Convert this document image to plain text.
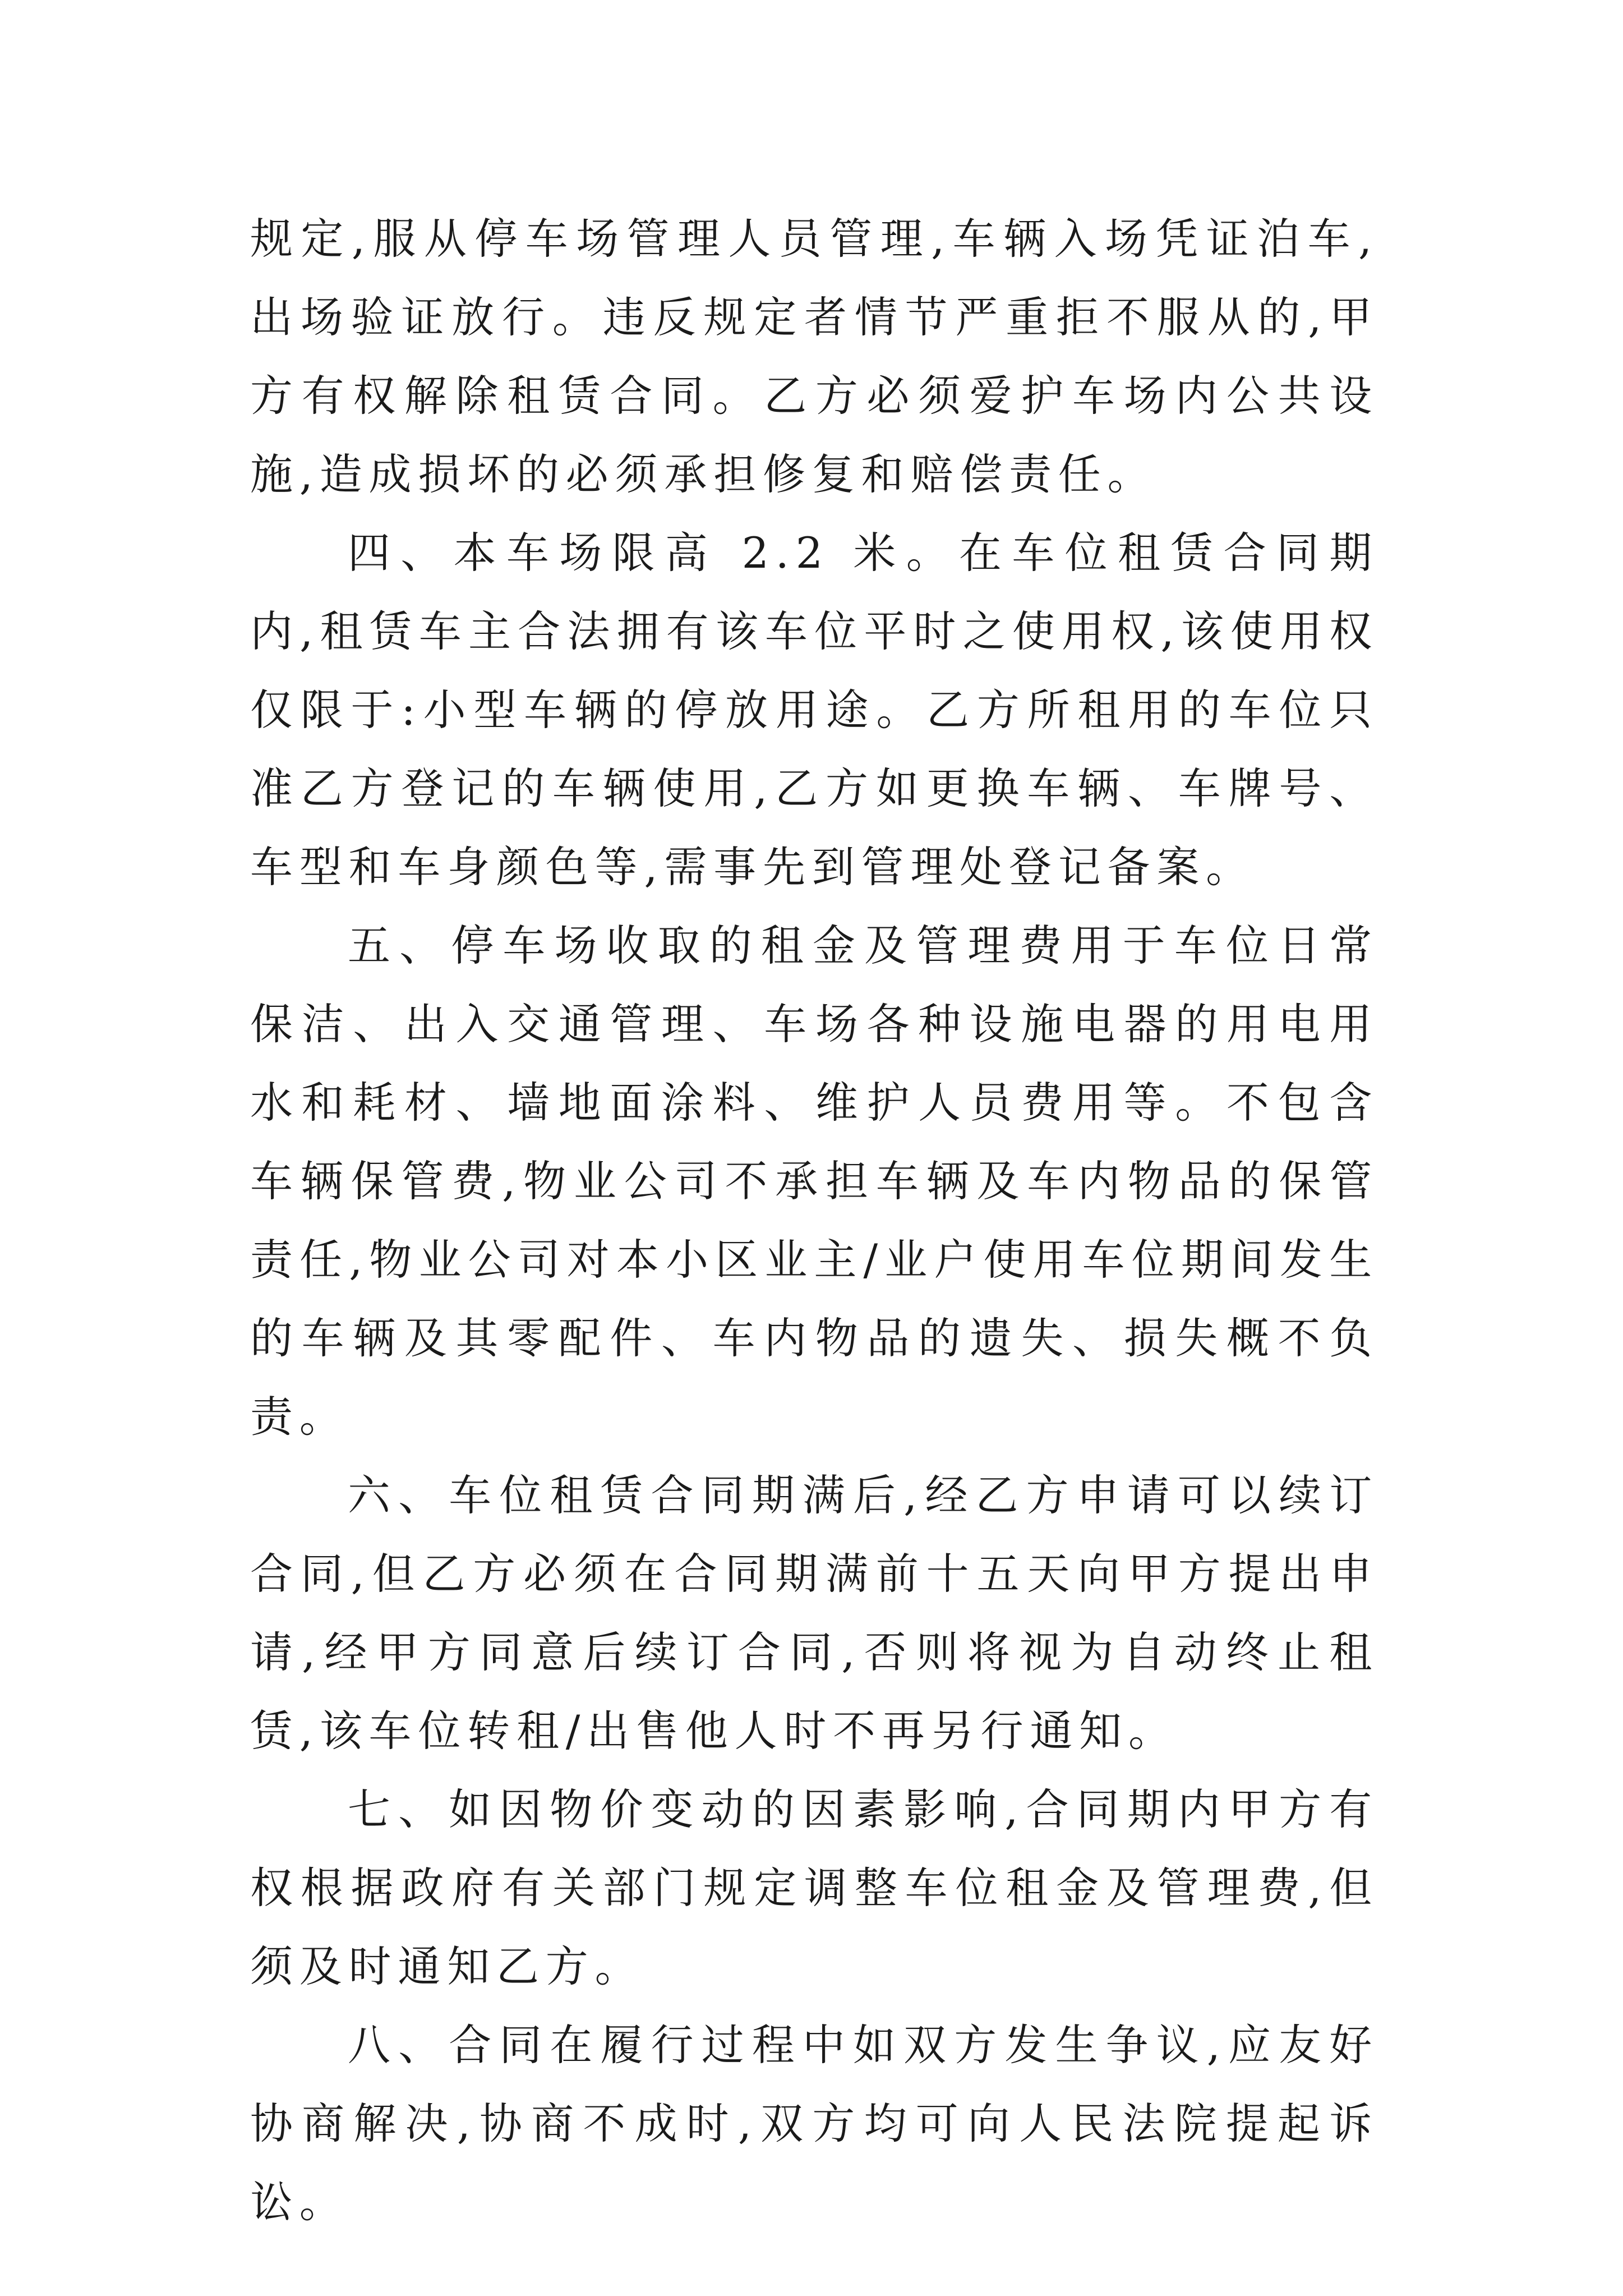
规定,服从停车场管理人员管理,车辆入场凭证泊车,出场验证放行。违反规定者情节严重拒不服从的,甲方有权解除租赁合同。乙方必须爱护车场内公共设施,造成损坏的必须承担修复和赔偿责任。

四、本车场限高 2.2 米。在车位租赁合同期内,租赁车主合法拥有该车位平时之使用权,该使用权仅限于:小型车辆的停放用途。乙方所租用的车位只准乙方登记的车辆使用,乙方如更换车辆、车牌号、车型和车身颜色等,需事先到管理处登记备案。

五、停车场收取的租金及管理费用于车位日常保洁、出入交通管理、车场各种设施电器的用电用水和耗材、墙地面涂料、维护人员费用等。不包含车辆保管费,物业公司不承担车辆及车内物品的保管责任,物业公司对本小区业主/业户使用车位期间发生的车辆及其零配件、车内物品的遗失、损失概不负责。

六、车位租赁合同期满后,经乙方申请可以续订合同,但乙方必须在合同期满前十五天向甲方提出申请,经甲方同意后续订合同,否则将视为自动终止租赁,该车位转租/出售他人时不再另行通知。

七、如因物价变动的因素影响,合同期内甲方有权根据政府有关部门规定调整车位租金及管理费,但须及时通知乙方。

八、合同在履行过程中如双方发生争议,应友好协商解决,协商不成时,双方均可向人民法院提起诉讼。
